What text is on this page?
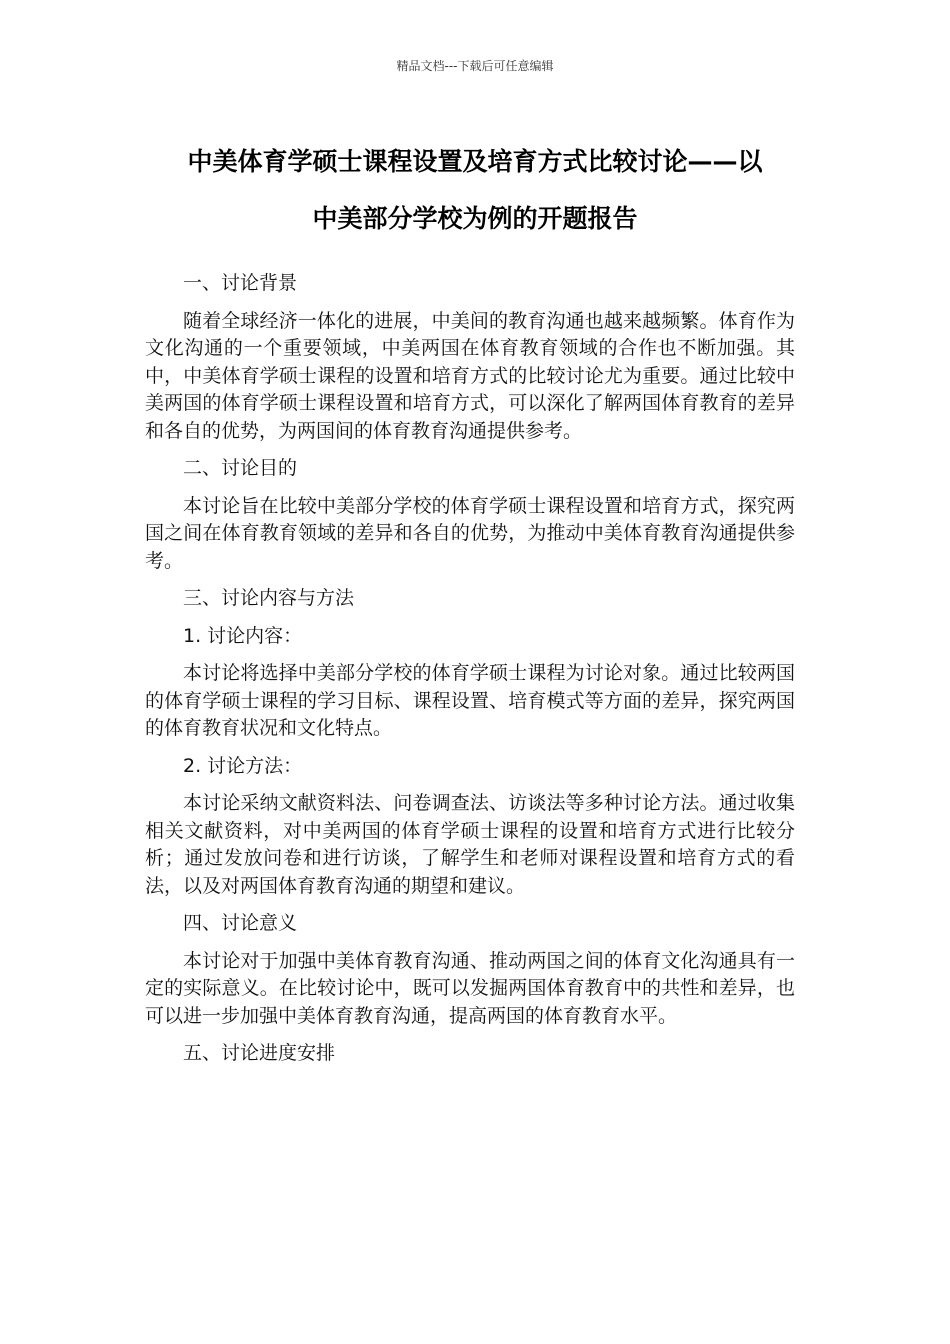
精品文档---下载后可任意编辑
中美体育学硕士课程设置及培育方式比较讨论——以
中美部分学校为例的开题报告

一、讨论背景

随着全球经济一体化的进展，中美间的教育沟通也越来越频繁。体育作为文化沟通的一个重要领域，中美两国在体育教育领域的合作也不断加强。其中，中美体育学硕士课程的设置和培育方式的比较讨论尤为重要。通过比较中美两国的体育学硕士课程设置和培育方式，可以深化了解两国体育教育的差异和各自的优势，为两国间的体育教育沟通提供参考。

二、讨论目的

本讨论旨在比较中美部分学校的体育学硕士课程设置和培育方式，探究两国之间在体育教育领域的差异和各自的优势，为推动中美体育教育沟通提供参考。

三、讨论内容与方法

1. 讨论内容：

本讨论将选择中美部分学校的体育学硕士课程为讨论对象。通过比较两国的体育学硕士课程的学习目标、课程设置、培育模式等方面的差异，探究两国的体育教育状况和文化特点。

2. 讨论方法：

本讨论采纳文献资料法、问卷调查法、访谈法等多种讨论方法。通过收集相关文献资料，对中美两国的体育学硕士课程的设置和培育方式进行比较分析；通过发放问卷和进行访谈，了解学生和老师对课程设置和培育方式的看法，以及对两国体育教育沟通的期望和建议。

四、讨论意义

本讨论对于加强中美体育教育沟通、推动两国之间的体育文化沟通具有一定的实际意义。在比较讨论中，既可以发掘两国体育教育中的共性和差异，也可以进一步加强中美体育教育沟通，提高两国的体育教育水平。

五、讨论进度安排
